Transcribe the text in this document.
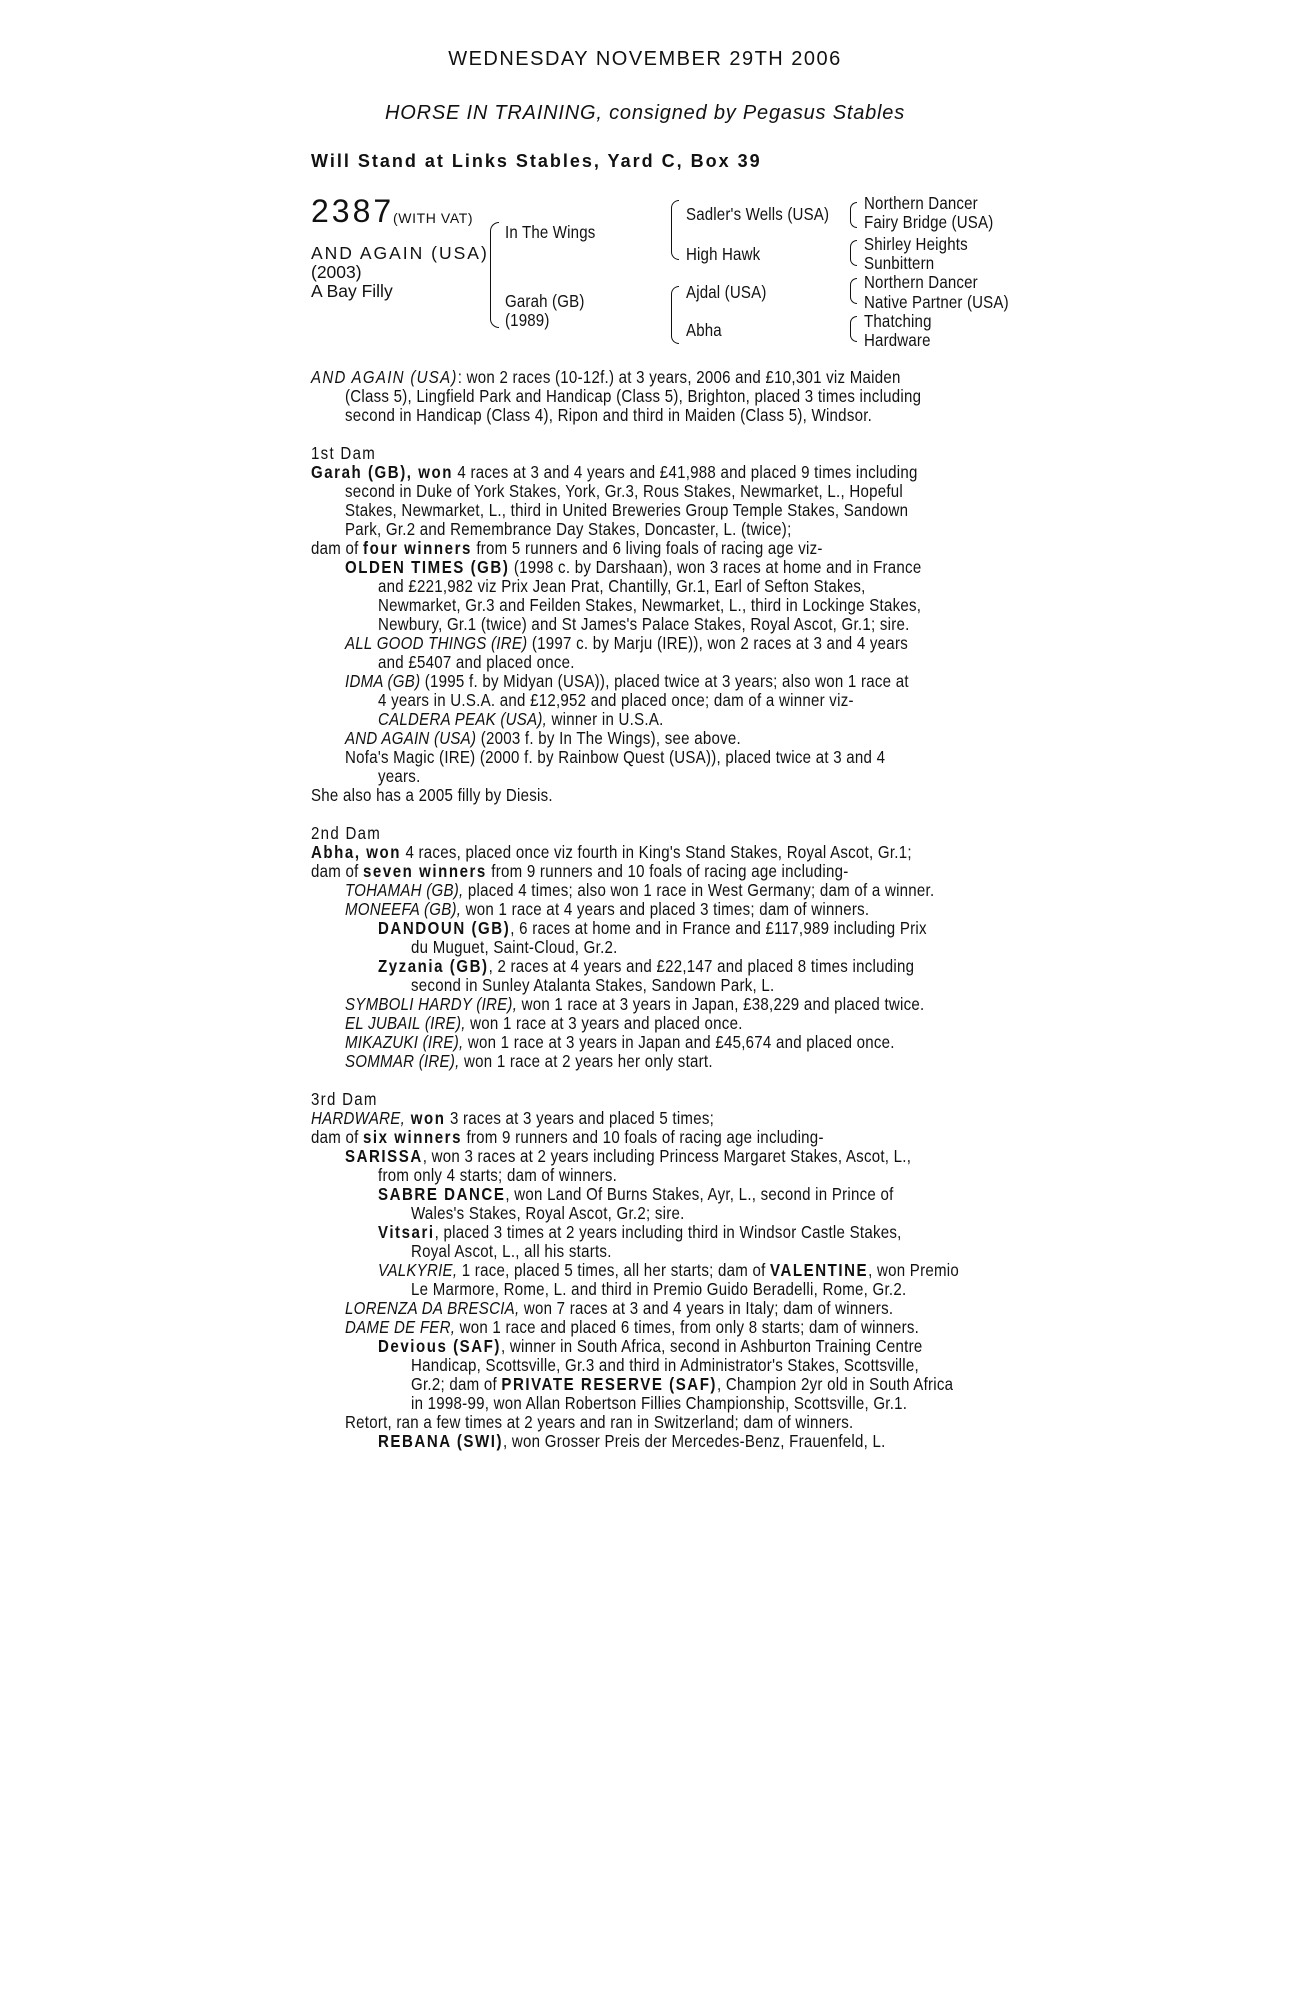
WEDNESDAY NOVEMBER 29TH 2006
HORSE IN TRAINING, consigned by Pegasus Stables
Will Stand at Links Stables, Yard C, Box 39
2387
(WITH VAT)
AND AGAIN (USA)
(2003)
A Bay Filly
In The Wings
Garah (GB)
(1989)
Sadler's Wells (USA)
High Hawk
Ajdal (USA)
Abha
Northern Dancer
Fairy Bridge (USA)
Shirley Heights
Sunbittern
Northern Dancer
Native Partner (USA)
Thatching
Hardware
AND AGAIN (USA): won 2 races (10-12f.) at 3 years, 2006 and £10,301 viz Maiden
(Class 5), Lingfield Park and Handicap (Class 5), Brighton, placed 3 times including
second in Handicap (Class 4), Ripon and third in Maiden (Class 5), Windsor.
1st Dam
Garah (GB), won 4 races at 3 and 4 years and £41,988 and placed 9 times including
second in Duke of York Stakes, York, Gr.3, Rous Stakes, Newmarket, L., Hopeful
Stakes, Newmarket, L., third in United Breweries Group Temple Stakes, Sandown
Park, Gr.2 and Remembrance Day Stakes, Doncaster, L. (twice);
dam of four winners from 5 runners and 6 living foals of racing age viz-
OLDEN TIMES (GB) (1998 c. by Darshaan), won 3 races at home and in France
and £221,982 viz Prix Jean Prat, Chantilly, Gr.1, Earl of Sefton Stakes,
Newmarket, Gr.3 and Feilden Stakes, Newmarket, L., third in Lockinge Stakes,
Newbury, Gr.1 (twice) and St James's Palace Stakes, Royal Ascot, Gr.1; sire.
ALL GOOD THINGS (IRE) (1997 c. by Marju (IRE)), won 2 races at 3 and 4 years
and £5407 and placed once.
IDMA (GB) (1995 f. by Midyan (USA)), placed twice at 3 years; also won 1 race at
4 years in U.S.A. and £12,952 and placed once; dam of a winner viz-
CALDERA PEAK (USA), winner in U.S.A.
AND AGAIN (USA) (2003 f. by In The Wings), see above.
Nofa's Magic (IRE) (2000 f. by Rainbow Quest (USA)), placed twice at 3 and 4
years.
She also has a 2005 filly by Diesis.
2nd Dam
Abha, won 4 races, placed once viz fourth in King's Stand Stakes, Royal Ascot, Gr.1;
dam of seven winners from 9 runners and 10 foals of racing age including-
TOHAMAH (GB), placed 4 times; also won 1 race in West Germany; dam of a winner.
MONEEFA (GB), won 1 race at 4 years and placed 3 times; dam of winners.
DANDOUN (GB), 6 races at home and in France and £117,989 including Prix
du Muguet, Saint-Cloud, Gr.2.
Zyzania (GB), 2 races at 4 years and £22,147 and placed 8 times including
second in Sunley Atalanta Stakes, Sandown Park, L.
SYMBOLI HARDY (IRE), won 1 race at 3 years in Japan, £38,229 and placed twice.
EL JUBAIL (IRE), won 1 race at 3 years and placed once.
MIKAZUKI (IRE), won 1 race at 3 years in Japan and £45,674 and placed once.
SOMMAR (IRE), won 1 race at 2 years her only start.
3rd Dam
HARDWARE, won 3 races at 3 years and placed 5 times;
dam of six winners from 9 runners and 10 foals of racing age including-
SARISSA, won 3 races at 2 years including Princess Margaret Stakes, Ascot, L.,
from only 4 starts; dam of winners.
SABRE DANCE, won Land Of Burns Stakes, Ayr, L., second in Prince of
Wales's Stakes, Royal Ascot, Gr.2; sire.
Vitsari, placed 3 times at 2 years including third in Windsor Castle Stakes,
Royal Ascot, L., all his starts.
VALKYRIE, 1 race, placed 5 times, all her starts; dam of VALENTINE, won Premio
Le Marmore, Rome, L. and third in Premio Guido Beradelli, Rome, Gr.2.
LORENZA DA BRESCIA, won 7 races at 3 and 4 years in Italy; dam of winners.
DAME DE FER, won 1 race and placed 6 times, from only 8 starts; dam of winners.
Devious (SAF), winner in South Africa, second in Ashburton Training Centre
Handicap, Scottsville, Gr.3 and third in Administrator's Stakes, Scottsville,
Gr.2; dam of PRIVATE RESERVE (SAF), Champion 2yr old in South Africa
in 1998-99, won Allan Robertson Fillies Championship, Scottsville, Gr.1.
Retort, ran a few times at 2 years and ran in Switzerland; dam of winners.
REBANA (SWI), won Grosser Preis der Mercedes-Benz, Frauenfeld, L.
